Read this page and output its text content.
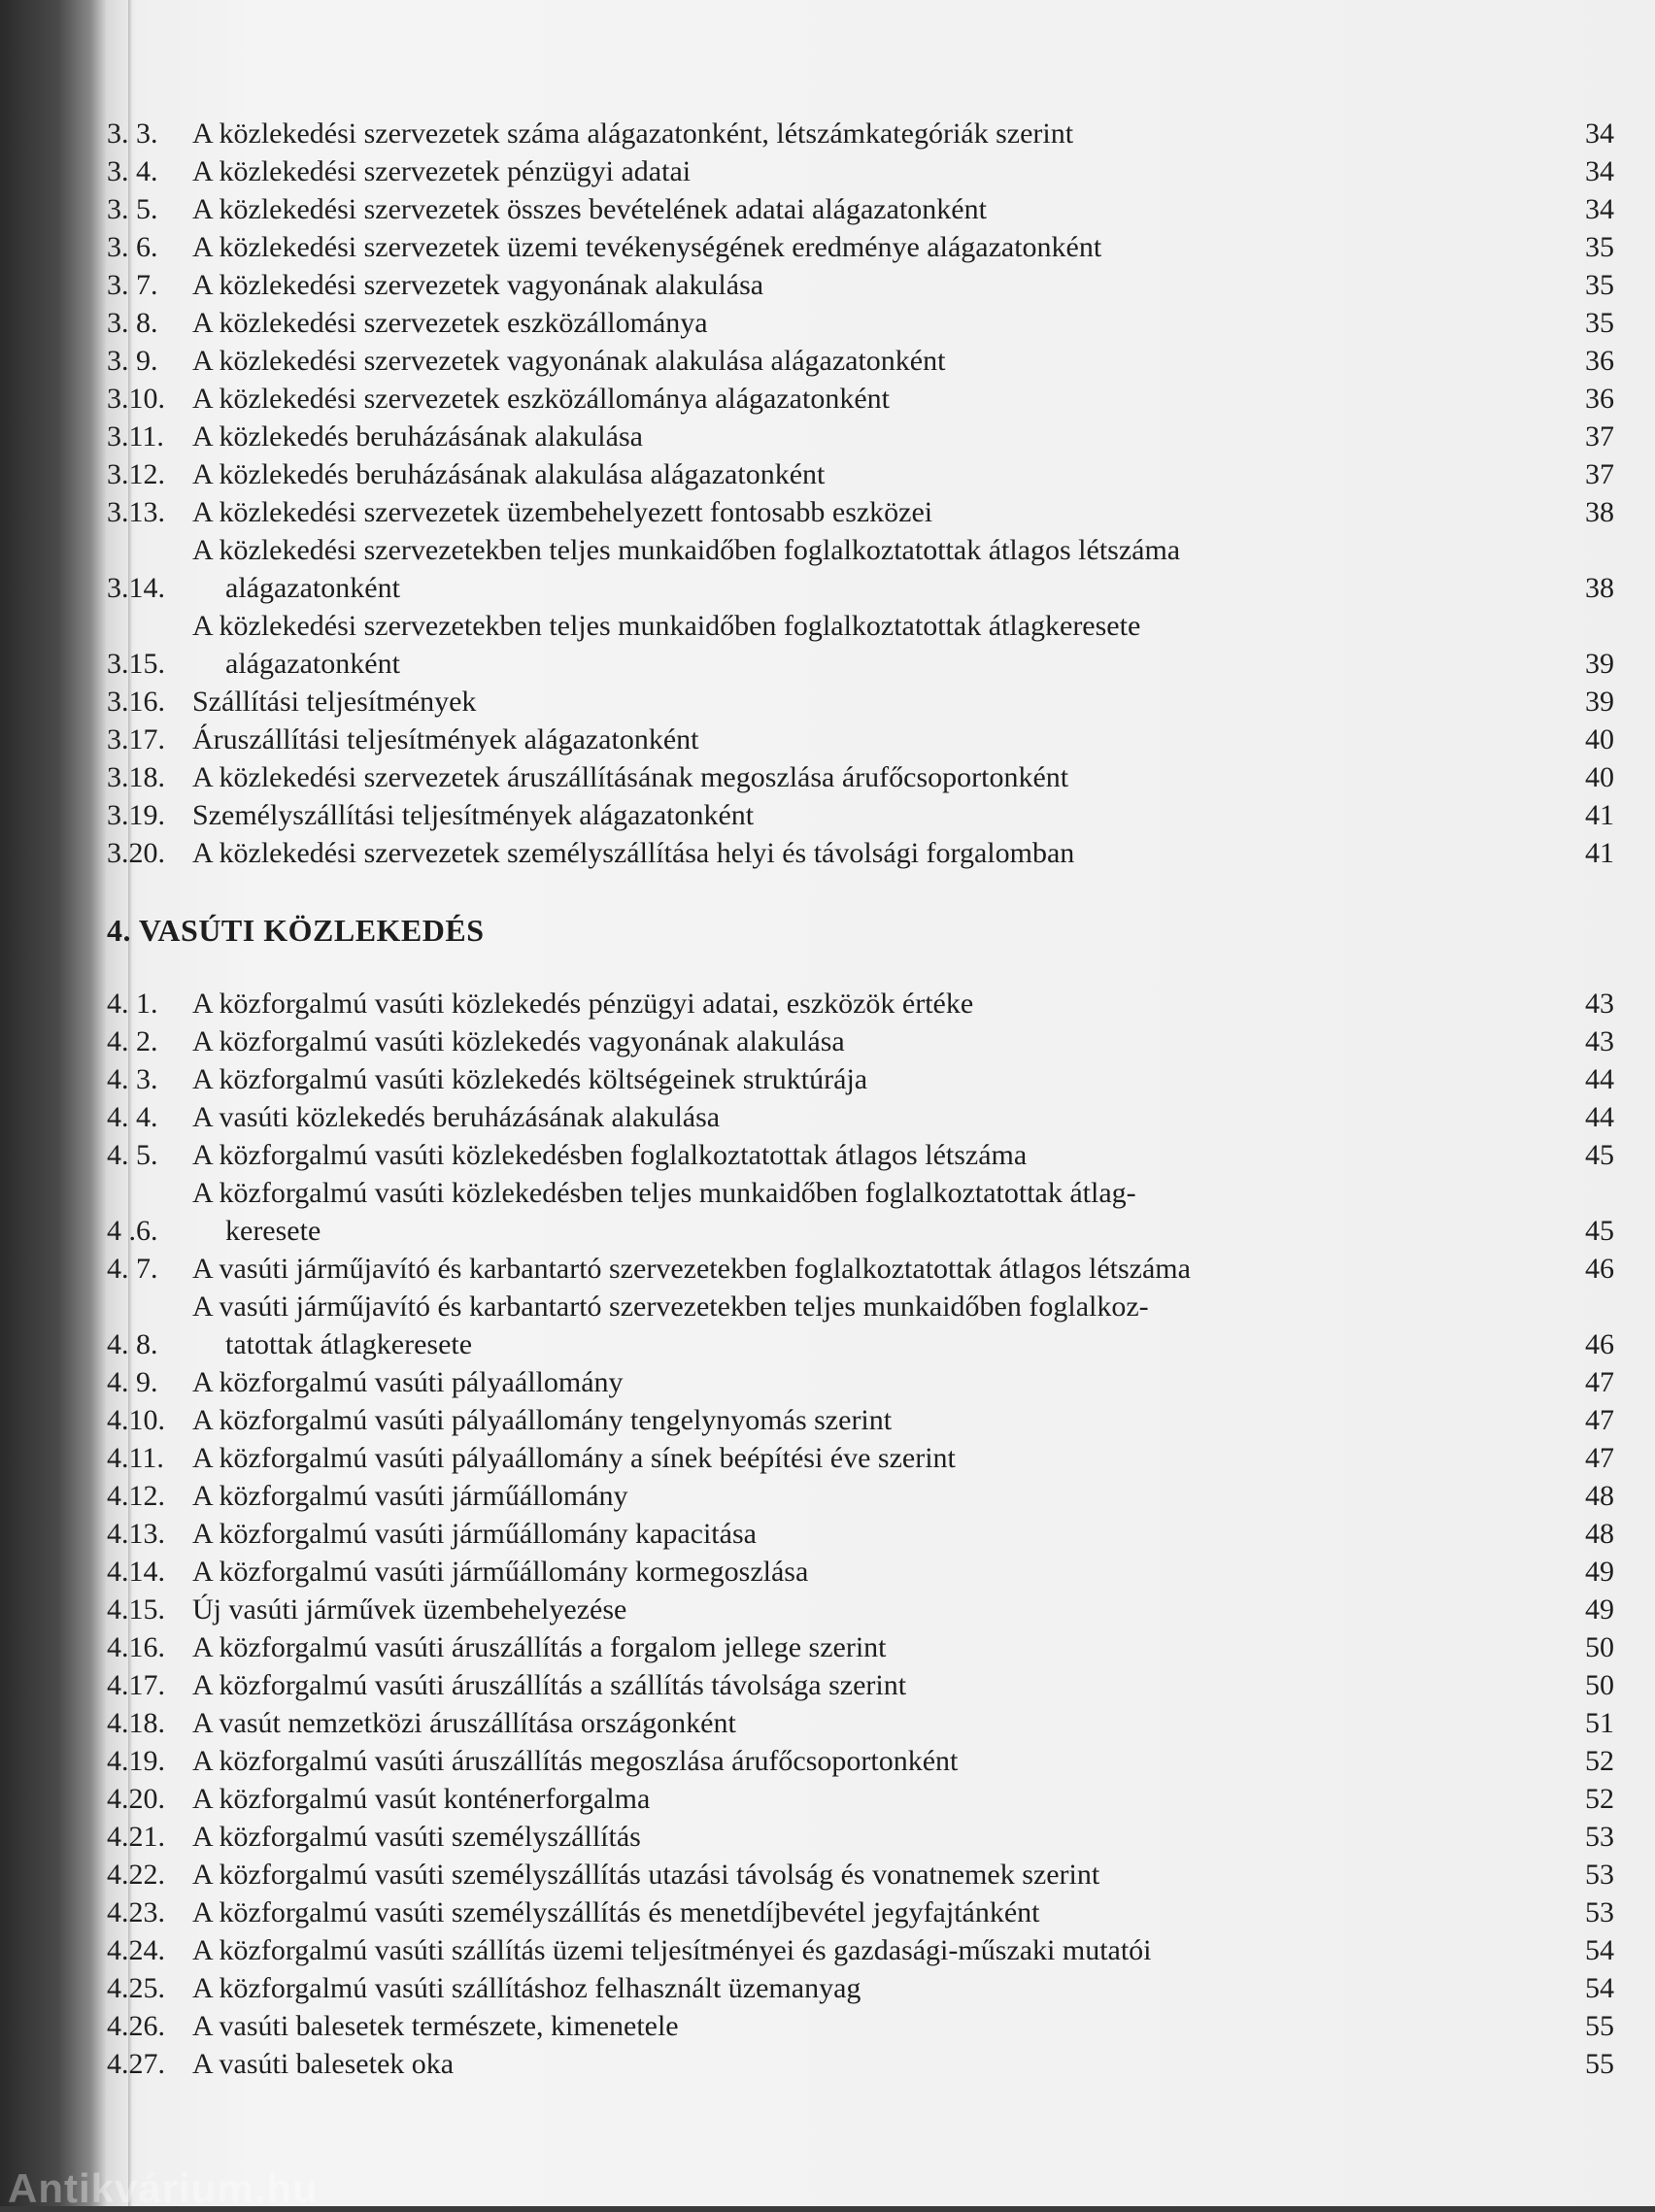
3. 3.	A közlekedési szervezetek száma alágazatonként, létszámkategóriák szerint	34
3. 4.	A közlekedési szervezetek pénzügyi adatai	34
3. 5.	A közlekedési szervezetek összes bevételének adatai alágazatonként	34
3. 6.	A közlekedési szervezetek üzemi tevékenységének eredménye alágazatonként	35
3. 7.	A közlekedési szervezetek vagyonának alakulása	35
3. 8.	A közlekedési szervezetek eszközállománya	35
3. 9.	A közlekedési szervezetek vagyonának alakulása alágazatonként	36
3.10. A közlekedési szervezetek eszközállománya alágazatonként	36
3.11. A közlekedés beruházásának alakulása	37
3.12. A közlekedés beruházásának alakulása alágazatonként	37
3.13. A közlekedési szervezetek üzembehelyezett fontosabb eszközei	38
3.14.
A közlekedési szervezetekben teljes munkaidőben foglalkoztatottak átlagos létszáma
alágazatonként	38
3.15.
A közlekedési szervezetekben teljes munkaidőben foglalkoztatottak átlagkeresete
alágazatonként	39
3.16. Szállítási teljesítmények	39
3.17. Áruszállítási teljesítmények alágazatonként	40
3.18. A közlekedési szervezetek áruszállításának megoszlása árufőcsoportonként	40
3.19. Személyszállítási teljesítmények alágazatonként	41
3.20. A közlekedési szervezetek személyszállítása helyi és távolsági forgalomban	41
4. VASÚTI KÖZLEKEDÉS
4. 1.	A közforgalmú vasúti közlekedés pénzügyi adatai, eszközök értéke	43
4. 2.	A közforgalmú vasúti közlekedés vagyonának alakulása	43
4. 3.	A közforgalmú vasúti közlekedés költségeinek struktúrája	44
4. 4.	A vasúti közlekedés beruházásának alakulása	44
4. 5.	A közforgalmú vasúti közlekedésben foglalkoztatottak átlagos létszáma	45
4 .6.
A közforgalmú vasúti közlekedésben teljes munkaidőben foglalkoztatottak átlag-
keresete	45
4. 7.	A vasúti járműjavító és karbantartó szervezetekben foglalkoztatottak átlagos létszáma	46
4. 8.
A vasúti járműjavító és karbantartó szervezetekben teljes munkaidőben foglalkoz-
tatottak átlagkeresete	46
4. 9.	A közforgalmú vasúti pályaállomány	47
4.10. A közforgalmú vasúti pályaállomány tengelynyomás szerint	47
4.11. A közforgalmú vasúti pályaállomány a sínek beépítési éve szerint	47
4.12. A közforgalmú vasúti járműállomány	48
4.13. A közforgalmú vasúti járműállomány kapacitása	48
4.14. A közforgalmú vasúti járműállomány kormegoszlása	49
4.15. Új vasúti járművek üzembehelyezése	49
4.16. A közforgalmú vasúti áruszállítás a forgalom jellege szerint	50
4.17. A közforgalmú vasúti áruszállítás a szállítás távolsága szerint	50
4.18. A vasút nemzetközi áruszállítása országonként	51
4.19. A közforgalmú vasúti áruszállítás megoszlása árufőcsoportonként	52
4.20. A közforgalmú vasút konténerforgalma	52
4.21. A közforgalmú vasúti személyszállítás	53
4.22. A közforgalmú vasúti személyszállítás utazási távolság és vonatnemek szerint	53
4.23. A közforgalmú vasúti személyszállítás és menetdíjbevétel jegyfajtánként	53
4.24. A közforgalmú vasúti szállítás üzemi teljesítményei és gazdasági-műszaki mutatói	54
4.25. A közforgalmú vasúti szállításhoz felhasznált üzemanyag	54
4.26. A vasúti balesetek természete, kimenetele	55
4.27. A vasúti balesetek oka	55
Antikvárium.hu
